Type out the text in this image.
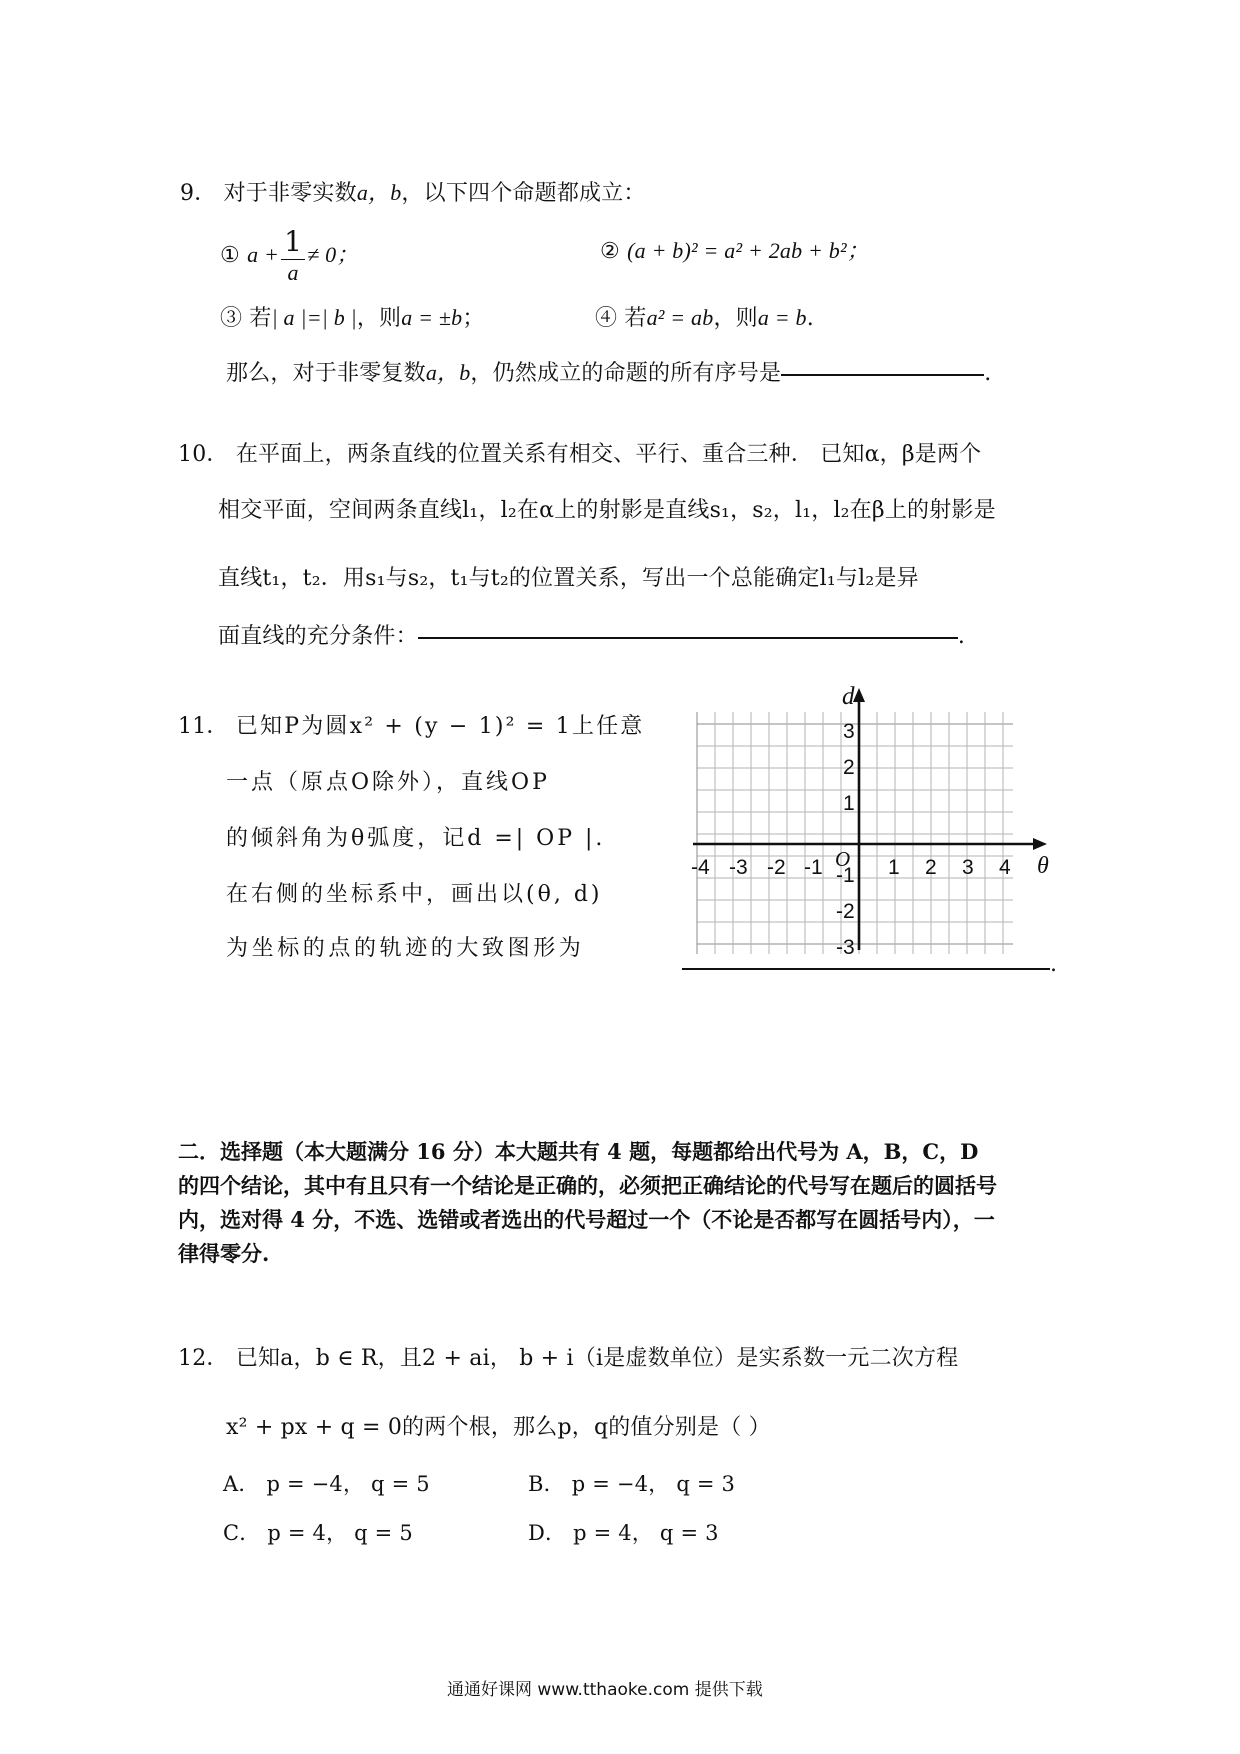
9． 对于非零实数a，b，以下四个命题都成立：
① $a + \frac{1}{a} \ne 0$；	② (a + b)² = a² + 2ab + b²；
③ 若| a |=| b |，则a = ±b；	④ 若a² = ab，则a = b.
那么，对于非零复数a，b，仍然成立的命题的所有序号是	.
10． 在平面上，两条直线的位置关系有相交、平行、重合三种． 已知α，β是两个
相交平面，空间两条直线l₁，l₂在α上的射影是直线s₁，s₂，l₁，l₂在β上的射影是
直线t₁，t₂．用s₁与s₂，t₁与t₂的位置关系，写出一个总能确定l₁与l₂是异
面直线的充分条件：	.
11． 已知P为圆x² + (y − 1)² = 1上任意
一点（原点O除外），直线OP
的倾斜角为θ弧度，记d =| OP |.
在右侧的坐标系中，画出以(θ, d)
为坐标的点的轨迹的大致图形为
d
θ
O
-4 -3 -2 -1	1 2 3 4
3
2
1
-1
-2
-3
.
二．选择题（本大题满分 16 分）本大题共有 4 题，每题都给出代号为 A，B，C，D 的四个结论，其中有且只有一个结论是正确的，必须把正确结论的代号写在题后的圆括号内，选对得 4 分，不选、选错或者选出的代号超过一个（不论是否都写在圆括号内），一律得零分.
12． 已知a，b ∈ R，且2 + ai， b + i（i是虚数单位）是实系数一元二次方程
x² + px + q = 0的两个根，那么p，q的值分别是（ ）
A． p = −4， q = 5	B． p = −4， q = 3
C． p = 4， q = 5	D． p = 4， q = 3
通通好课网 www.tthaoke.com 提供下载
